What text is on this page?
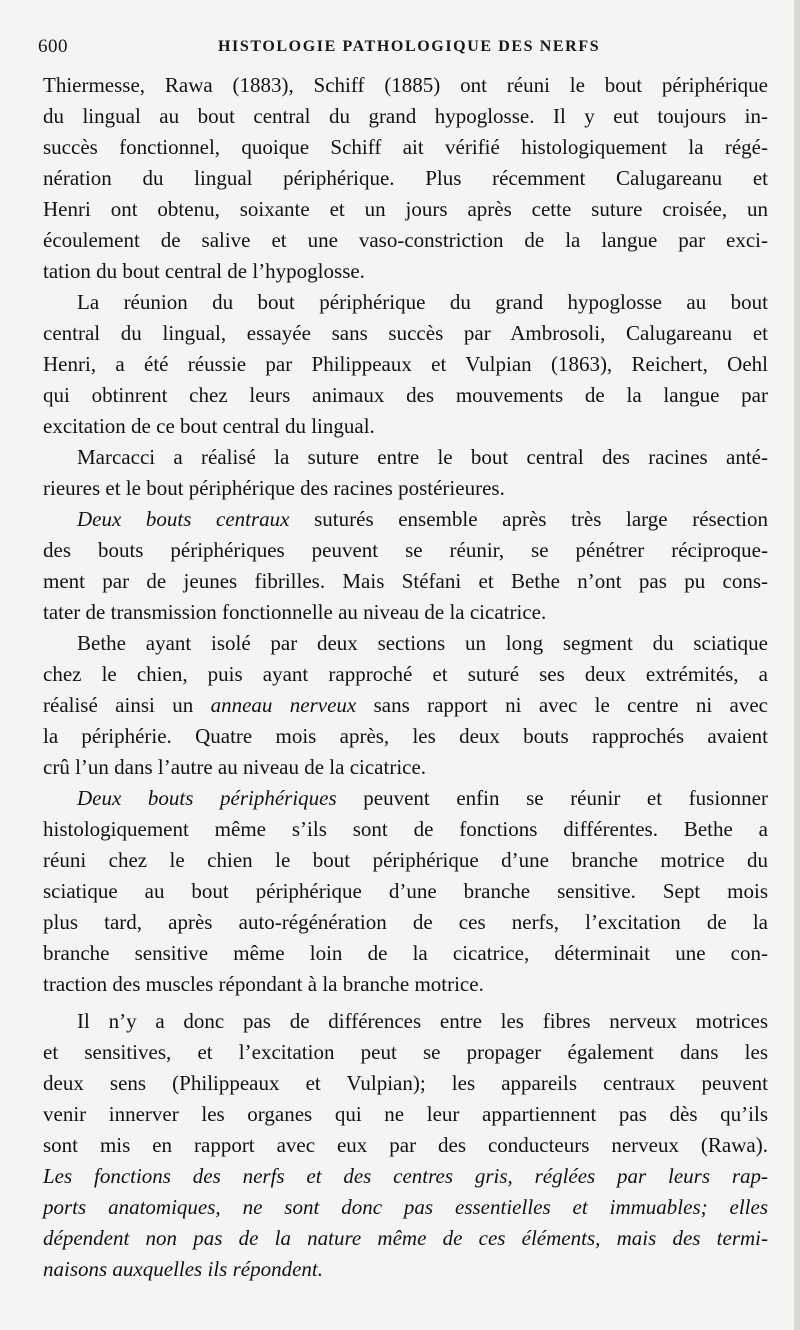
600	HISTOLOGIE PATHOLOGIQUE DES NERFS
Thiermesse, Rawa (1883), Schiff (1885) ont réuni le bout périphérique
du lingual au bout central du grand hypoglosse. Il y eut toujours in-
succès fonctionnel, quoique Schiff ait vérifié histologiquement la régé-
nération du lingual périphérique. Plus récemment Calugareanu et
Henri ont obtenu, soixante et un jours après cette suture croisée, un
écoulement de salive et une vaso-constriction de la langue par exci-
tation du bout central de l’hypoglosse.
La réunion du bout périphérique du grand hypoglosse au bout
central du lingual, essayée sans succès par Ambrosoli, Calugareanu et
Henri, a été réussie par Philippeaux et Vulpian (1863), Reichert, Oehl
qui obtinrent chez leurs animaux des mouvements de la langue par
excitation de ce bout central du lingual.
Marcacci a réalisé la suture entre le bout central des racines anté-
rieures et le bout périphérique des racines postérieures.
Deux bouts centraux suturés ensemble après très large résection
des bouts périphériques peuvent se réunir, se pénétrer réciproque-
ment par de jeunes fibrilles. Mais Stéfani et Bethe n’ont pas pu cons-
tater de transmission fonctionnelle au niveau de la cicatrice.
Bethe ayant isolé par deux sections un long segment du sciatique
chez le chien, puis ayant rapproché et suturé ses deux extrémités, a
réalisé ainsi un anneau nerveux sans rapport ni avec le centre ni avec
la périphérie. Quatre mois après, les deux bouts rapprochés avaient
crû l’un dans l’autre au niveau de la cicatrice.
Deux bouts périphériques peuvent enfin se réunir et fusionner
histologiquement même s’ils sont de fonctions différentes. Bethe a
réuni chez le chien le bout périphérique d’une branche motrice du
sciatique au bout périphérique d’une branche sensitive. Sept mois
plus tard, après auto-régénération de ces nerfs, l’excitation de la
branche sensitive même loin de la cicatrice, déterminait une con-
traction des muscles répondant à la branche motrice.
Il n’y a donc pas de différences entre les fibres nerveux motrices
et sensitives, et l’excitation peut se propager également dans les
deux sens (Philippeaux et Vulpian); les appareils centraux peuvent
venir innerver les organes qui ne leur appartiennent pas dès qu’ils
sont mis en rapport avec eux par des conducteurs nerveux (Rawa).
Les fonctions des nerfs et des centres gris, réglées par leurs rap-
ports anatomiques, ne sont donc pas essentielles et immuables; elles
dépendent non pas de la nature même de ces éléments, mais des termi-
naisons auxquelles ils répondent.
